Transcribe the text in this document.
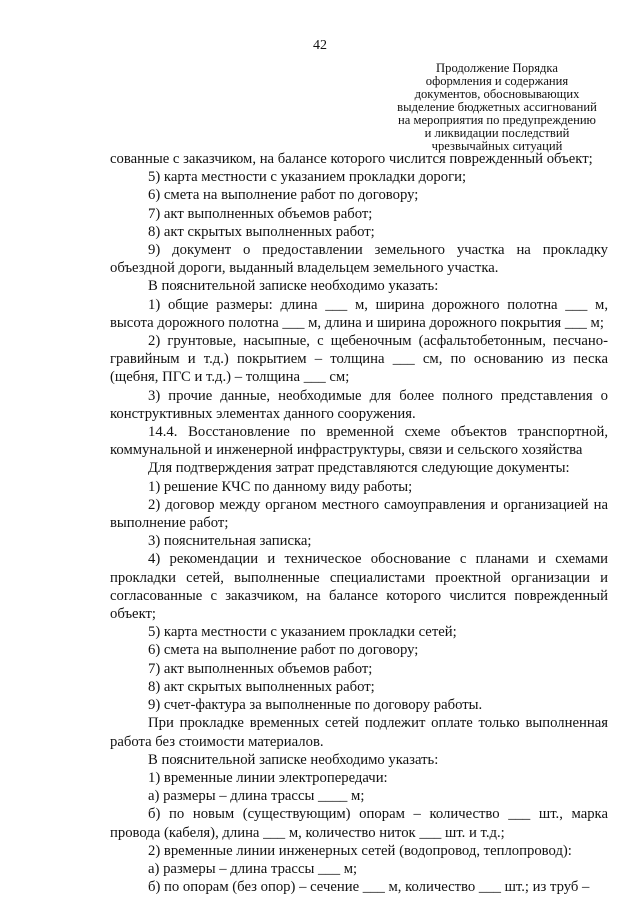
42
Продолжение Порядка
оформления и содержания
документов, обосновывающих
выделение бюджетных ассигнований
на мероприятия по предупреждению
и ликвидации последствий
чрезвычайных ситуаций

сованные с заказчиком, на балансе которого числится поврежденный объект;

5) карта местности с указанием прокладки дороги;

6) смета на выполнение работ по договору;

7) акт выполненных объемов работ;

8) акт скрытых выполненных работ;

9) документ о предоставлении земельного участка на прокладку объездной дороги, выданный владельцем земельного участка.

В пояснительной записке необходимо указать:

1) общие размеры: длина ___ м, ширина дорожного полотна ___ м, высота дорожного полотна ___ м, длина и ширина дорожного покрытия ___ м;

2) грунтовые, насыпные, с щебеночным (асфальтобетонным, песчано-гравийным и т.д.) покрытием – толщина ___ см, по основанию из песка (щебня, ПГС и т.д.) – толщина ___ см;

3) прочие данные, необходимые для более полного представления о конструктивных элементах данного сооружения.

14.4. Восстановление по временной схеме объектов транспортной, коммунальной и инженерной инфраструктуры, связи и сельского хозяйства

Для подтверждения затрат представляются следующие документы:

1) решение КЧС по данному виду работы;

2) договор между органом местного самоуправления и организацией на выполнение работ;

3) пояснительная записка;

4) рекомендации и техническое обоснование с планами и схемами прокладки сетей, выполненные специалистами проектной организации и согласованные с заказчиком, на балансе которого числится поврежденный объект;

5) карта местности с указанием прокладки сетей;

6) смета на выполнение работ по договору;

7) акт выполненных объемов работ;

8) акт скрытых выполненных работ;

9) счет-фактура за выполненные по договору работы.

При прокладке временных сетей подлежит оплате только выполненная работа без стоимости материалов.

В пояснительной записке необходимо указать:

1) временные линии электропередачи:

а) размеры – длина трассы ____ м;

б) по новым (существующим) опорам – количество ___ шт., марка провода (кабеля), длина ___ м, количество ниток ___ шт. и т.д.;

2) временные линии инженерных сетей (водопровод, теплопровод):

а) размеры – длина трассы ___ м;

б) по опорам (без опор) – сечение ___ м, количество ___ шт.; из труб –
